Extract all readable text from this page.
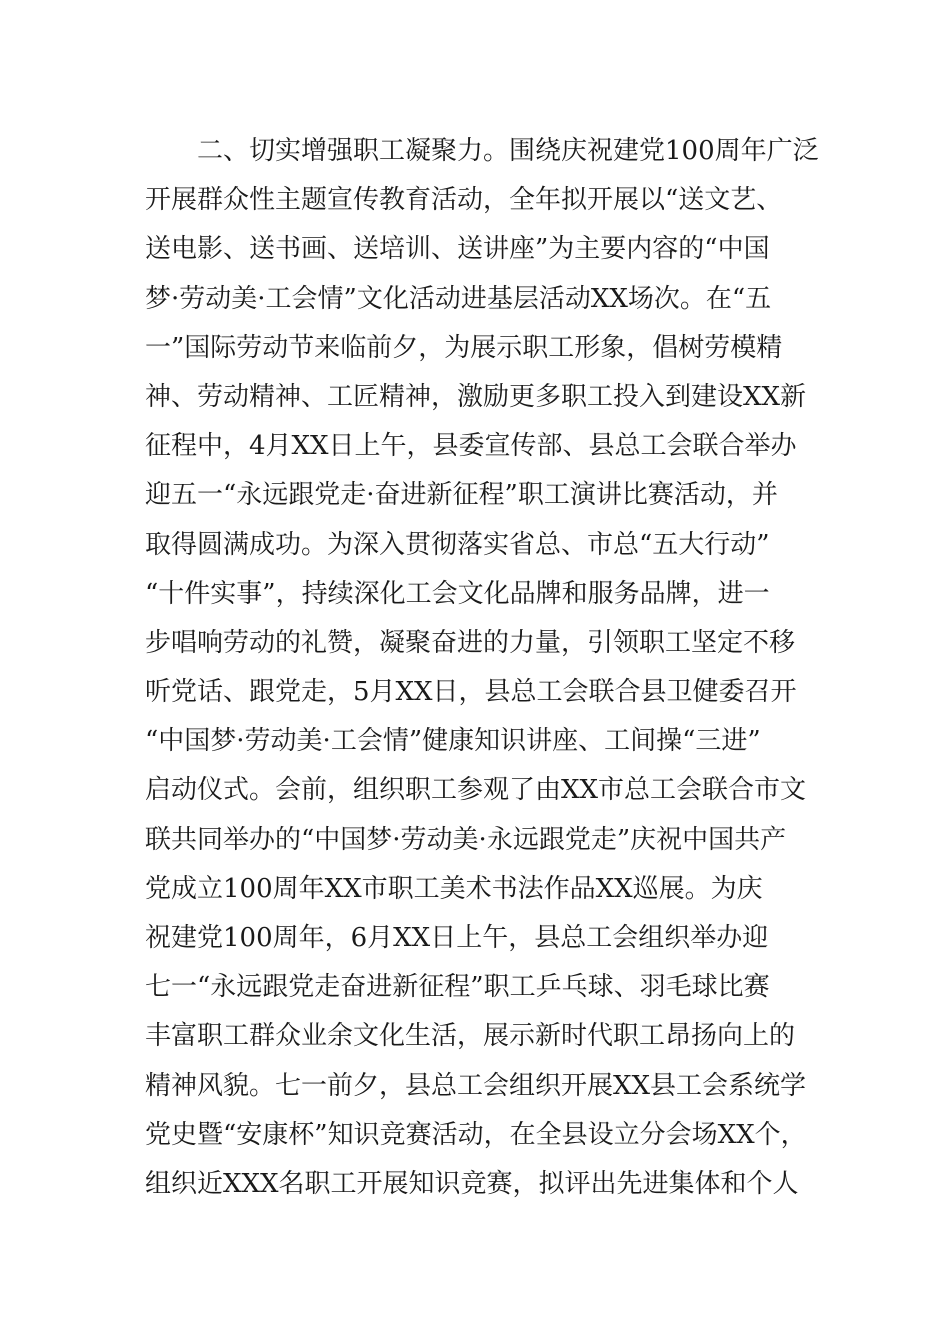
　　二、切实增强职工凝聚力。围绕庆祝建党100周年广泛
开展群众性主题宣传教育活动，全年拟开展以“送文艺、
送电影、送书画、送培训、送讲座”为主要内容的“中国
梦·劳动美·工会情”文化活动进基层活动XX场次。在“五
一”国际劳动节来临前夕，为展示职工形象，倡树劳模精
神、劳动精神、工匠精神，激励更多职工投入到建设XX新
征程中，4月XX日上午，县委宣传部、县总工会联合举办
迎五一“永远跟党走·奋进新征程”职工演讲比赛活动，并
取得圆满成功。为深入贯彻落实省总、市总“五大行动”
“十件实事”，持续深化工会文化品牌和服务品牌，进一
步唱响劳动的礼赞，凝聚奋进的力量，引领职工坚定不移
听党话、跟党走，5月XX日，县总工会联合县卫健委召开
“中国梦·劳动美·工会情”健康知识讲座、工间操“三进”
启动仪式。会前，组织职工参观了由XX市总工会联合市文
联共同举办的“中国梦·劳动美·永远跟党走”庆祝中国共产
党成立100周年XX市职工美术书法作品XX巡展。为庆
祝建党100周年，6月XX日上午，县总工会组织举办迎
七一“永远跟党走奋进新征程”职工乒乓球、羽毛球比赛
丰富职工群众业余文化生活，展示新时代职工昂扬向上的
精神风貌。七一前夕，县总工会组织开展XX县工会系统学
党史暨“安康杯”知识竞赛活动，在全县设立分会场XX个，
组织近XXX名职工开展知识竞赛，拟评出先进集体和个人
